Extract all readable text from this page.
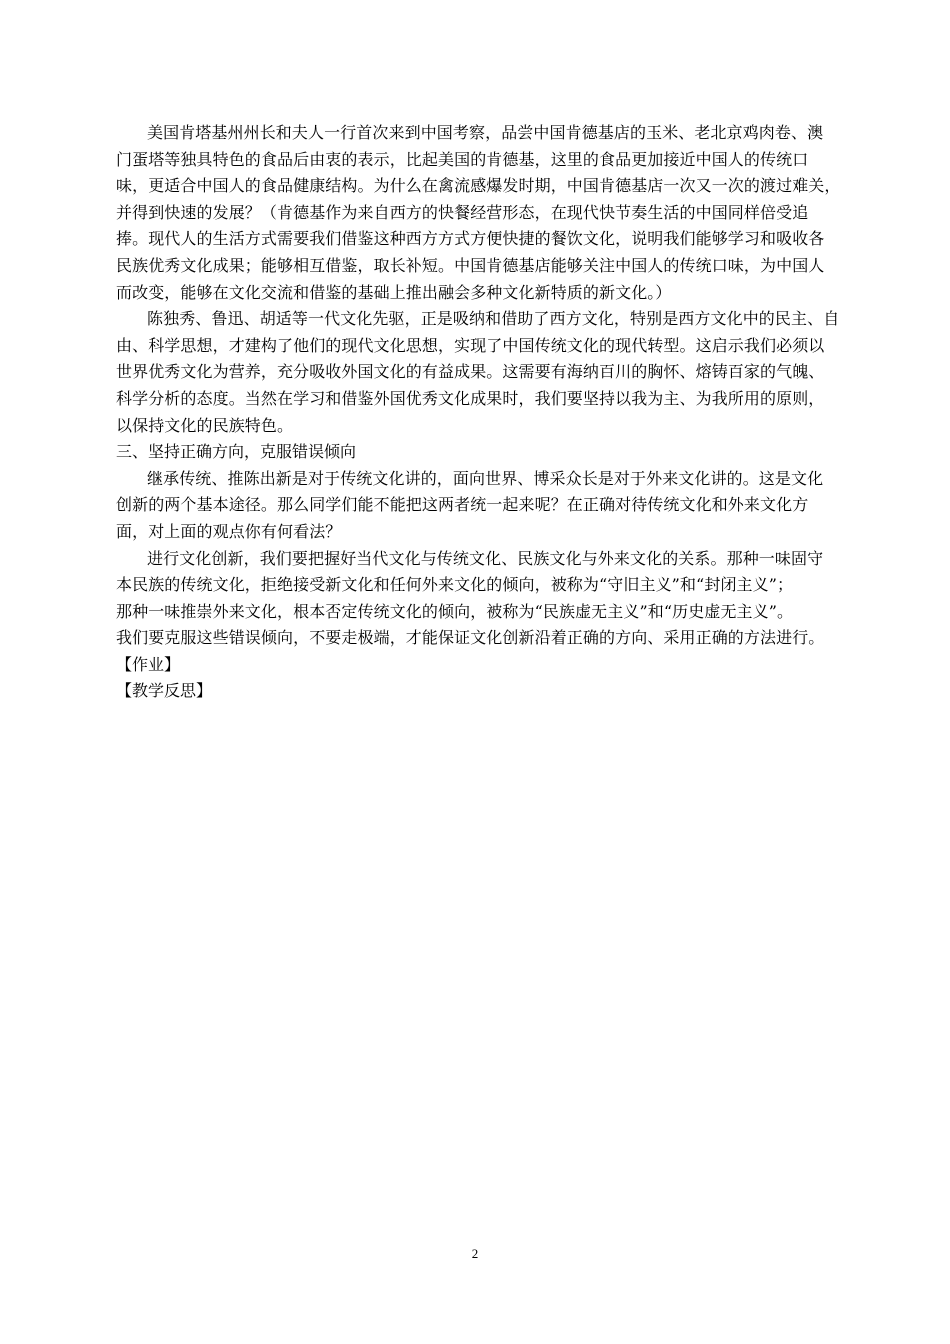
美国肯塔基州州长和夫人一行首次来到中国考察，品尝中国肯德基店的玉米、老北京鸡肉卷、澳
门蛋塔等独具特色的食品后由衷的表示，比起美国的肯德基，这里的食品更加接近中国人的传统口
味，更适合中国人的食品健康结构。为什么在禽流感爆发时期，中国肯德基店一次又一次的渡过难关，
并得到快速的发展？（肯德基作为来自西方的快餐经营形态，在现代快节奏生活的中国同样倍受追
捧。现代人的生活方式需要我们借鉴这种西方方式方便快捷的餐饮文化，说明我们能够学习和吸收各
民族优秀文化成果；能够相互借鉴，取长补短。中国肯德基店能够关注中国人的传统口味，为中国人
而改变，能够在文化交流和借鉴的基础上推出融会多种文化新特质的新文化。）
陈独秀、鲁迅、胡适等一代文化先驱，正是吸纳和借助了西方文化，特别是西方文化中的民主、自
由、科学思想，才建构了他们的现代文化思想，实现了中国传统文化的现代转型。这启示我们必须以
世界优秀文化为营养，充分吸收外国文化的有益成果。这需要有海纳百川的胸怀、熔铸百家的气魄、
科学分析的态度。当然在学习和借鉴外国优秀文化成果时，我们要坚持以我为主、为我所用的原则，
以保持文化的民族特色。
三、坚持正确方向，克服错误倾向
继承传统、推陈出新是对于传统文化讲的，面向世界、博采众长是对于外来文化讲的。这是文化
创新的两个基本途径。那么同学们能不能把这两者统一起来呢？在正确对待传统文化和外来文化方
面，对上面的观点你有何看法？
进行文化创新，我们要把握好当代文化与传统文化、民族文化与外来文化的关系。那种一味固守
本民族的传统文化，拒绝接受新文化和任何外来文化的倾向，被称为“守旧主义”和“封闭主义”；
那种一味推崇外来文化，根本否定传统文化的倾向，被称为“民族虚无主义”和“历史虚无主义”。
我们要克服这些错误倾向，不要走极端，才能保证文化创新沿着正确的方向、采用正确的方法进行。
【作业】
【教学反思】
2
